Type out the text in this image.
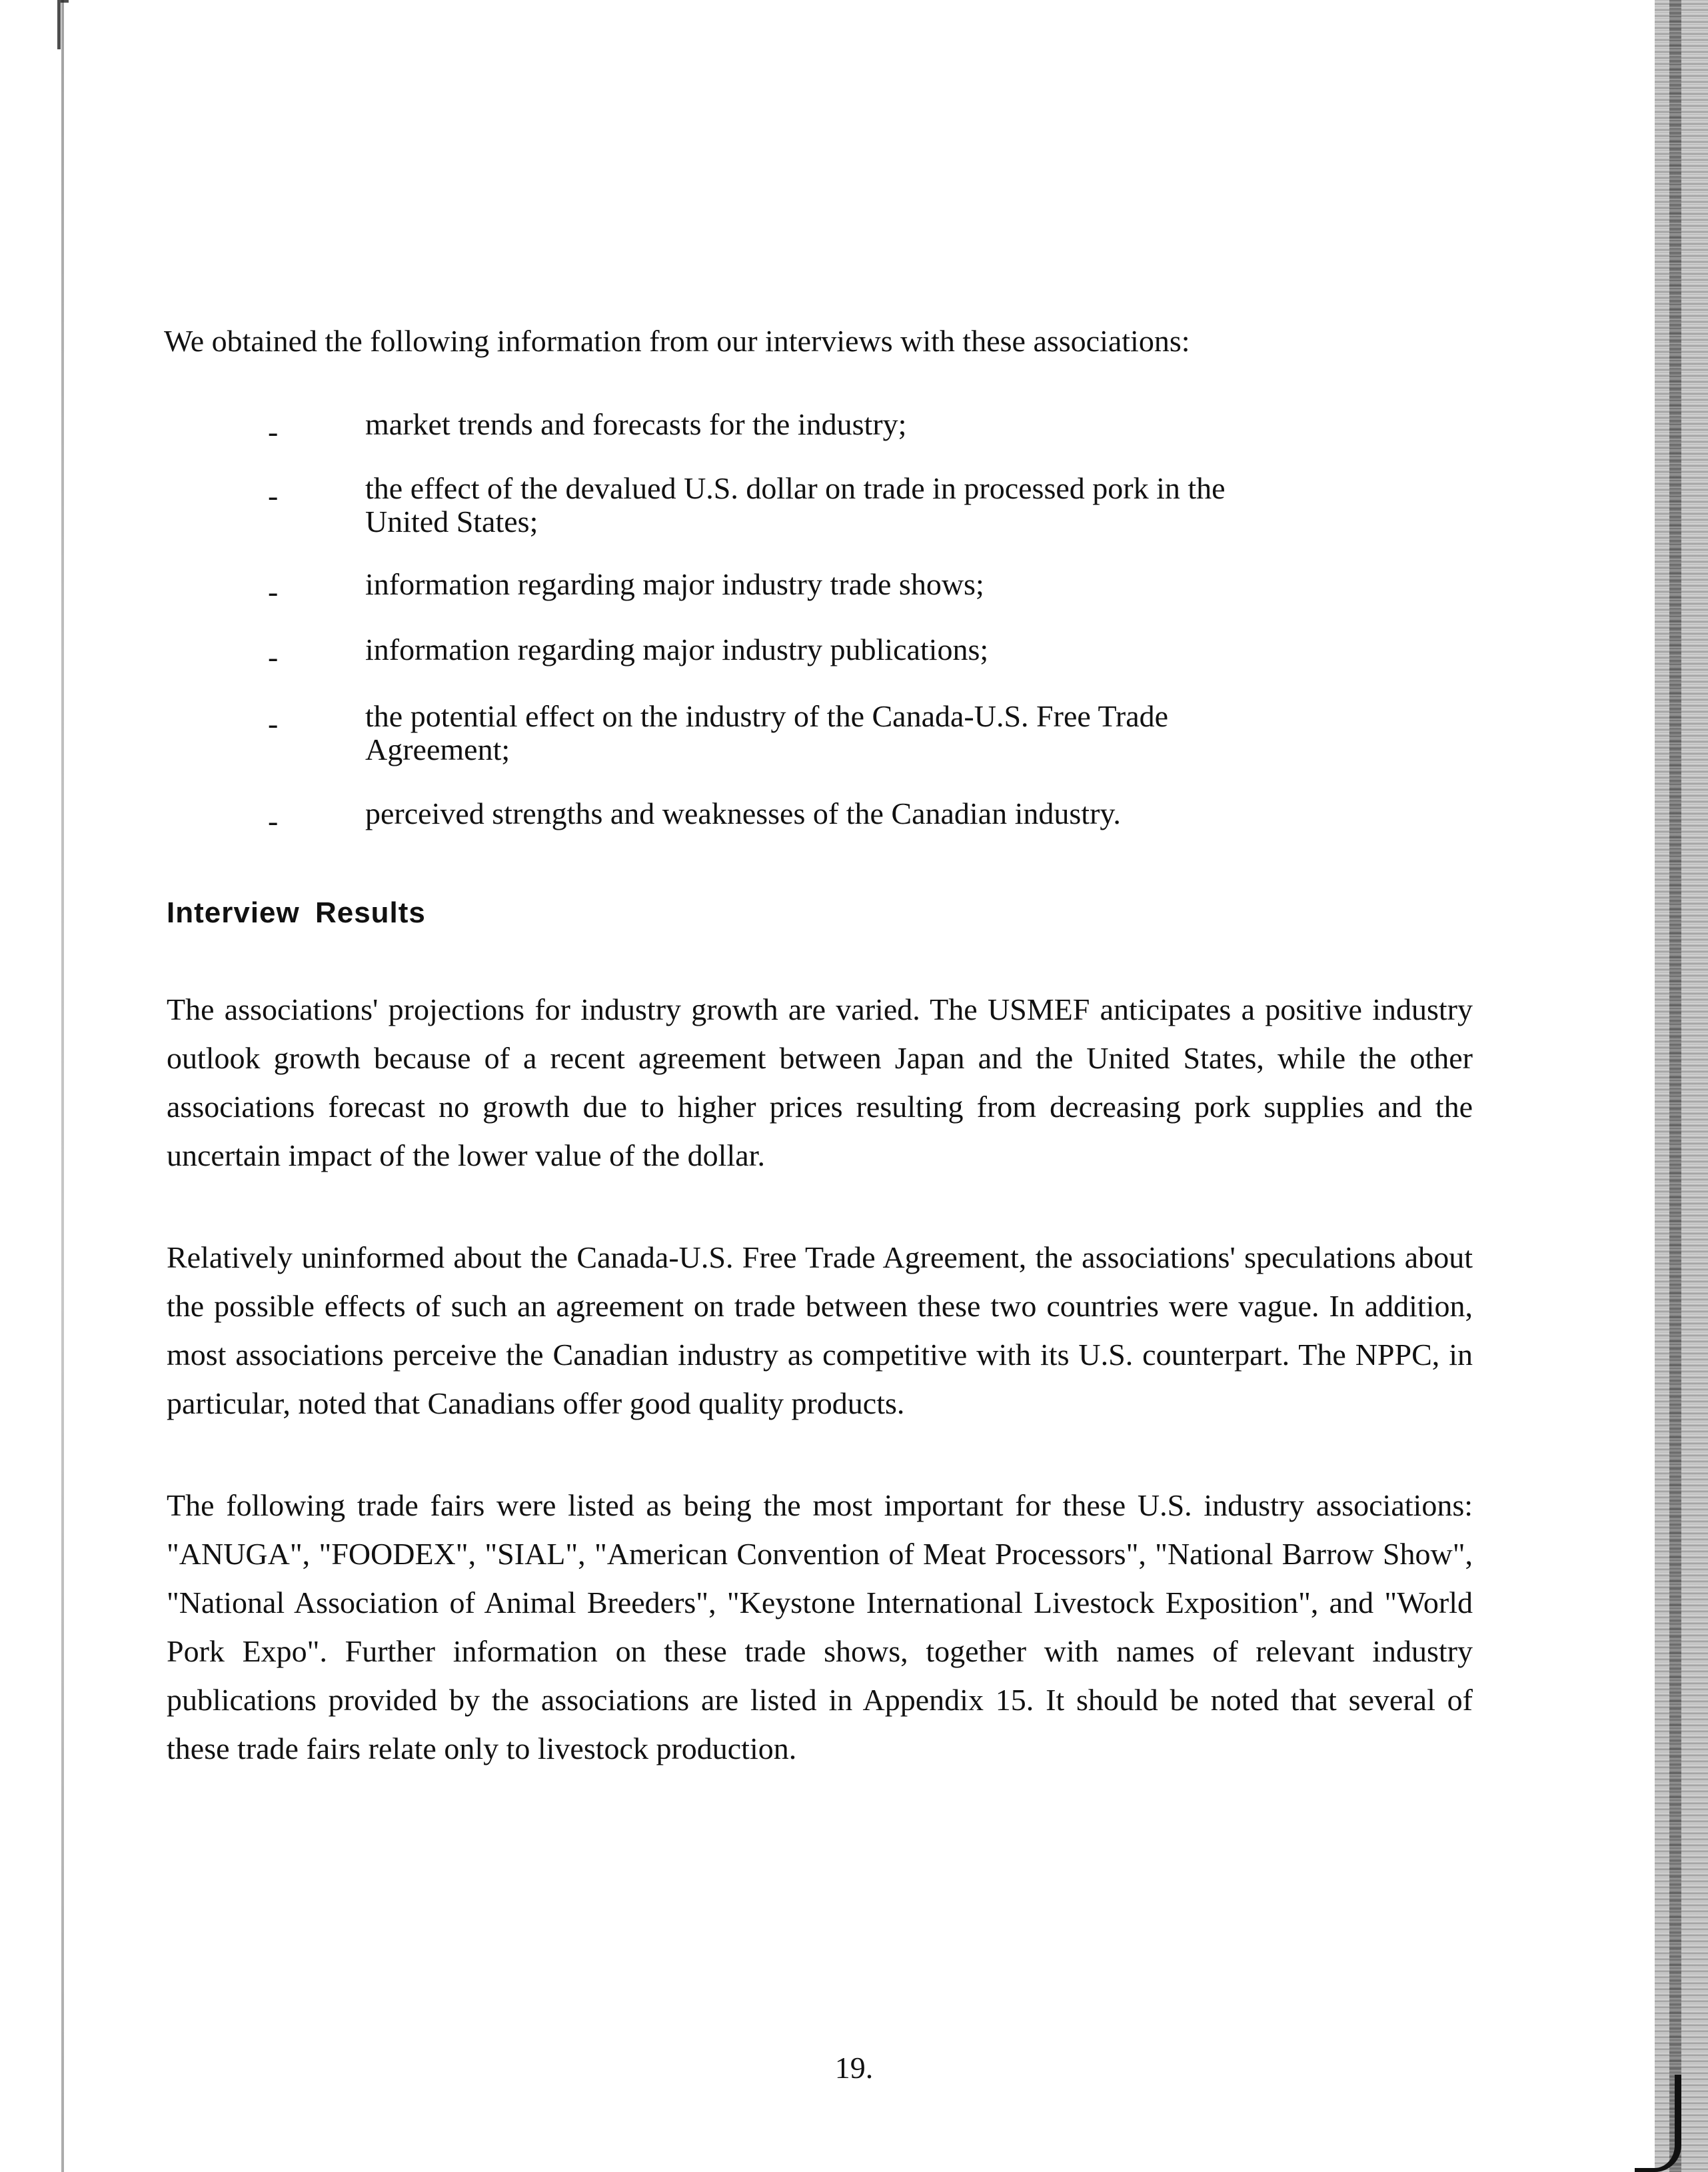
We obtained the following information from our interviews with these associations:
-	market trends and forecasts for the industry;
-	the effect of the devalued U.S. dollar on trade in processed pork in the United States;
-	information regarding major industry trade shows;
-	information regarding major industry publications;
-	the potential effect on the industry of the Canada-U.S. Free Trade Agreement;
-	perceived strengths and weaknesses of the Canadian industry.
Interview Results

The associations' projections for industry growth are varied. The USMEF anticipates a positive industry outlook growth because of a recent agreement between Japan and the United States, while the other associations forecast no growth due to higher prices resulting from decreasing pork supplies and the uncertain impact of the lower value of the dollar.

Relatively uninformed about the Canada-U.S. Free Trade Agreement, the associations' speculations about the possible effects of such an agreement on trade between these two countries were vague. In addition, most associations perceive the Canadian industry as competitive with its U.S. counterpart. The NPPC, in particular, noted that Canadians offer good quality products.

The following trade fairs were listed as being the most important for these U.S. industry associations: "ANUGA", "FOODEX", "SIAL", "American Convention of Meat Processors", "National Barrow Show", "National Association of Animal Breeders", "Keystone International Livestock Exposition", and "World Pork Expo". Further information on these trade shows, together with names of relevant industry publications provided by the associations are listed in Appendix 15. It should be noted that several of these trade fairs relate only to livestock production.

19.
